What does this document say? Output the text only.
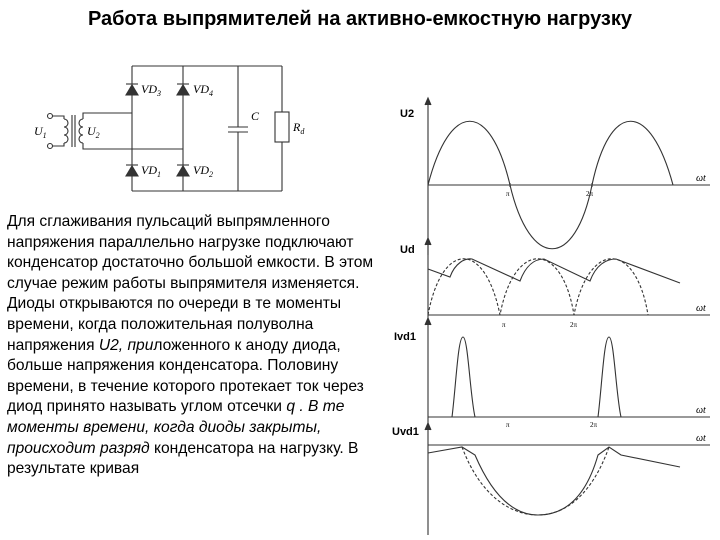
Работа выпрямителей на активно-емкостную нагрузку
$U_1$	$U_2$
$VD_3$	$VD_4$
$VD_1$	$VD_2$
C
$R_d$
U2
ωt
π	2π
Ud
ωt
π	2π
Ivd1
ωt
π	2π
Uvd1
ωt
Для сглаживания пульсаций выпрямленного напряжения параллельно нагрузке подключают конденсатор достаточно большой емкости. В этом случае режим работы выпрямителя изменяется. Диоды открываются по очереди в те моменты времени, когда положительная полуволна напряжения U2, приложенного к аноду диода, больше напряжения конденсатора. Половину времени, в течение которого протекает ток через диод принято называть углом отсечки q . В те моменты времени, когда диоды закрыты, происходит разряд конденсатора на нагрузку. В результате кривая
